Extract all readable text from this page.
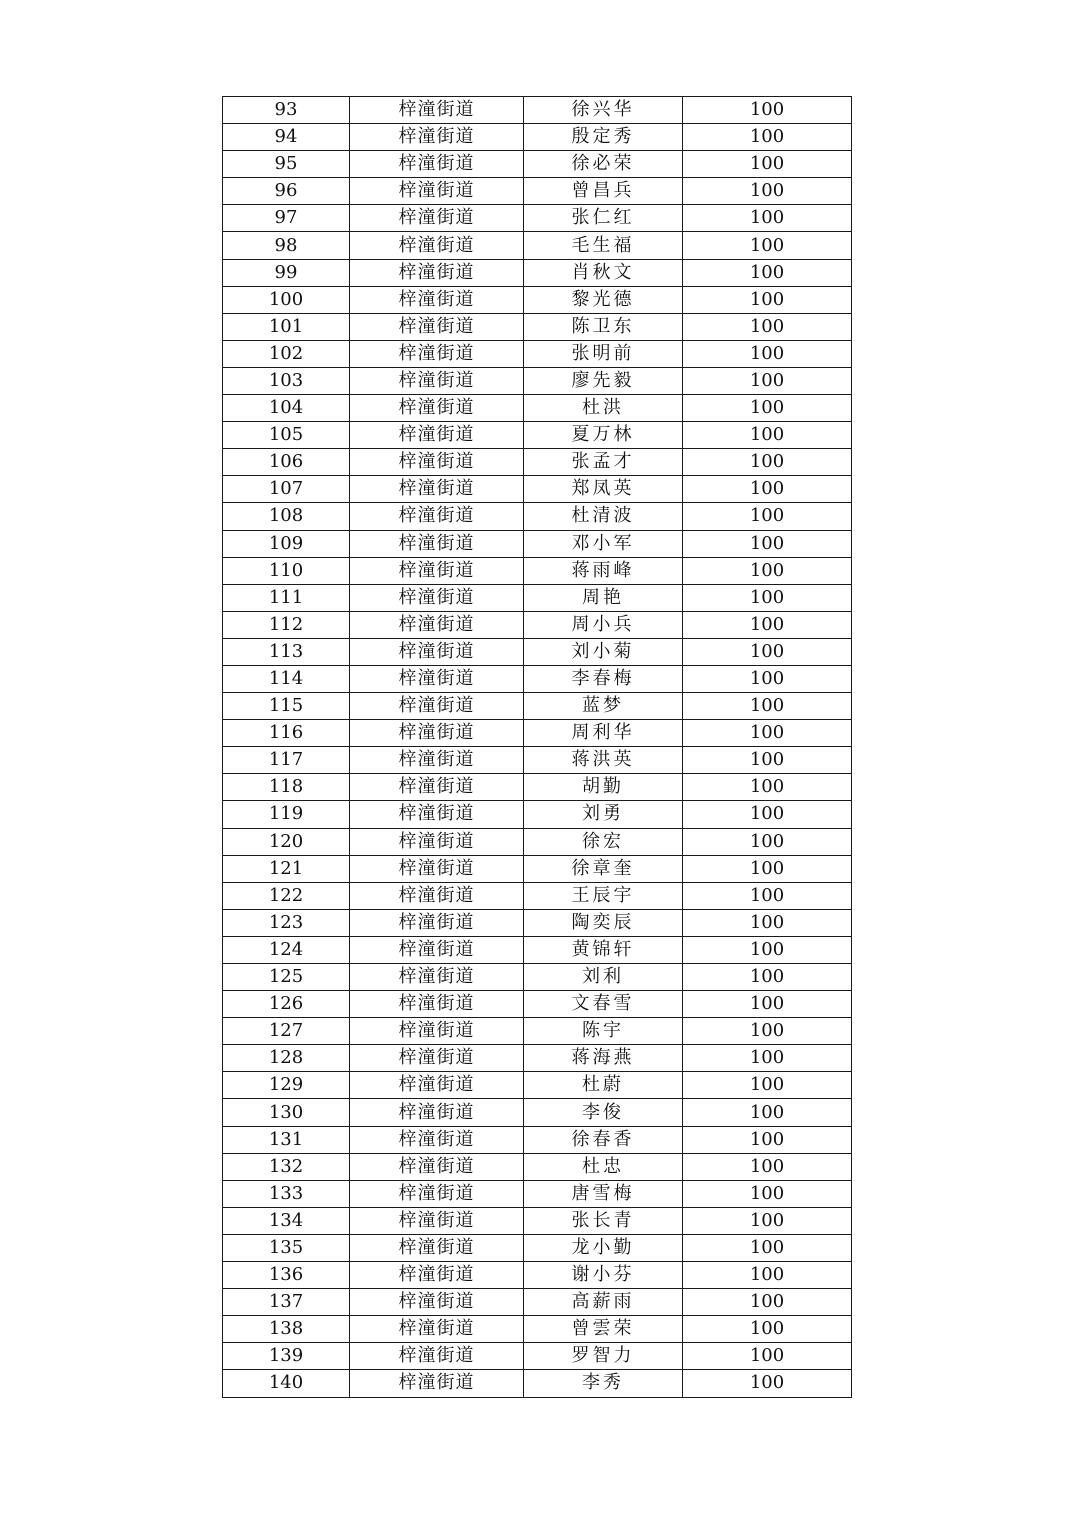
93	梓潼街道	徐兴华	100
94	梓潼街道	殷定秀	100
95	梓潼街道	徐必荣	100
96	梓潼街道	曾昌兵	100
97	梓潼街道	张仁红	100
98	梓潼街道	毛生福	100
99	梓潼街道	肖秋文	100
100	梓潼街道	黎光德	100
101	梓潼街道	陈卫东	100
102	梓潼街道	张明前	100
103	梓潼街道	廖先毅	100
104	梓潼街道	杜洪	100
105	梓潼街道	夏万林	100
106	梓潼街道	张孟才	100
107	梓潼街道	郑凤英	100
108	梓潼街道	杜清波	100
109	梓潼街道	邓小军	100
110	梓潼街道	蒋雨峰	100
111	梓潼街道	周艳	100
112	梓潼街道	周小兵	100
113	梓潼街道	刘小菊	100
114	梓潼街道	李春梅	100
115	梓潼街道	蓝梦	100
116	梓潼街道	周利华	100
117	梓潼街道	蒋洪英	100
118	梓潼街道	胡勤	100
119	梓潼街道	刘勇	100
120	梓潼街道	徐宏	100
121	梓潼街道	徐章奎	100
122	梓潼街道	王辰宇	100
123	梓潼街道	陶奕辰	100
124	梓潼街道	黄锦轩	100
125	梓潼街道	刘利	100
126	梓潼街道	文春雪	100
127	梓潼街道	陈宇	100
128	梓潼街道	蒋海燕	100
129	梓潼街道	杜蔚	100
130	梓潼街道	李俊	100
131	梓潼街道	徐春香	100
132	梓潼街道	杜忠	100
133	梓潼街道	唐雪梅	100
134	梓潼街道	张长青	100
135	梓潼街道	龙小勤	100
136	梓潼街道	谢小芬	100
137	梓潼街道	高薪雨	100
138	梓潼街道	曾雲荣	100
139	梓潼街道	罗智力	100
140	梓潼街道	李秀	100
